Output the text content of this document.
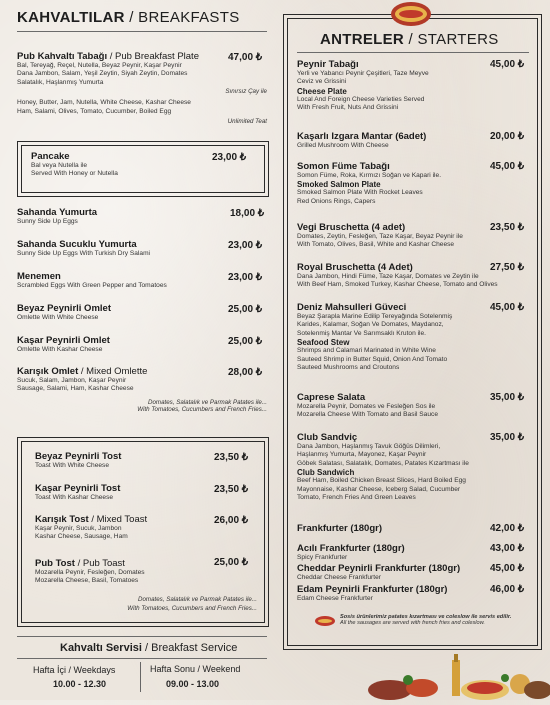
KAHVALTILAR / BREAKFASTS
Pub Kahvaltı Tabağı / Pub Breakfast Plate
Bal, Tereyağ, Reçel, Nutella, Beyaz Peynir, Kaşar Peynir
Dana Jambon, Salam, Yeşil Zeytin, Siyah Zeytin, Domates
Salatalık, Haşlanmış Yumurta
Sınırsız Çay ile
Honey, Butter, Jam, Nutella, White Cheese, Kashar Cheese
Ham, Salami, Olives, Tomato, Cucumber, Boiled Egg
Unlimited Teat
47,00 ₺
Pancake
Bal veya Nutella ile
Served With Honey or Nutella
23,00 ₺
Sahanda Yumurta
Sunny Side Up Eggs
18,00 ₺
Sahanda Sucuklu Yumurta
Sunny Side Up Eggs With Turkish Dry Salami
23,00 ₺
Menemen
Scrambled Eggs With Green Pepper and Tomatoes
23,00 ₺
Beyaz Peynirli Omlet
Omlette With White Cheese
25,00 ₺
Kaşar Peynirli Omlet
Omlette With Kashar Cheese
25,00 ₺
Karışık Omlet / Mixed Omlette
Sucuk, Salam, Jambon, Kaşar Peynir
Sausage, Salami, Ham, Kashar Cheese
Domates, Salatalık ve Parmak Patates ile...
With Tomatoes, Cucumbers and French Fries...
28,00 ₺
Beyaz Peynirli Tost
Toast With White Cheese
23,50 ₺
Kaşar Peynirli Tost
Toast With Kashar Cheese
23,50 ₺
Karışık Tost / Mixed Toast
Kaşar Peynir, Sucuk, Jambon
Kashar Cheese, Sausage, Ham
26,00 ₺
Pub Tost / Pub Toast
Mozarella Peynir, Fesleğen, Domates
Mozarella Cheese, Basil, Tomatoes
25,00 ₺
Domates, Salatalık ve Parmak Patates ile...
With Tomatoes, Cucumbers and French Fries...
Kahvaltı Servisi / Breakfast Service
Hafta İçi / Weekdays
10.00 - 12.30
Hafta Sonu / Weekend
09.00 - 13.00
ANTRELER / STARTERS
Peynir Tabağı
Yerli ve Yabancı Peynir Çeşitleri, Taze Meyve
Ceviz ve Grissini
Cheese Plate
Local And Foreign Cheese Varieties Served
With Fresh Fruit, Nuts And Grissini
45,00 ₺
Kaşarlı Izgara Mantar (6adet)
Grilled Mushroom With Cheese
20,00 ₺
Somon Füme Tabağı
Somon Füme, Roka, Kırmızı Soğan ve Kapari ile.
Smoked Salmon Plate
Smoked Salmon Plate With Rocket Leaves
Red Onions Rings, Capers
45,00 ₺
Vegi Bruschetta (4 adet)
Domates, Zeytin, Fesleğen, Taze Kaşar, Beyaz Peynir ile
With Tomato, Olives, Basil, White and Kashar Cheese
23,50 ₺
Royal Bruschetta (4 Adet)
Dana Jambon, Hindi Füme, Taze Kaşar, Domates ve Zeytin ile
With Beef Ham, Smoked Turkey, Kashar Cheese, Tomato and Olives
27,50 ₺
Deniz Mahsulleri Güveci
Beyaz Şarapla Marine Edilip Tereyağında Sotelenmiş
Karides, Kalamar, Soğan Ve Domates, Maydanoz,
Sotelenmiş Mantar Ve Sarımsaklı Kruton ile.
Seafood Stew
Shrimps and Calamari Marinated in White Wine
Sauteed Shrimp in Butter Squid, Onion And Tomato
Sauteed Mushrooms and Croutons
45,00 ₺
Caprese Salata
Mozarella Peynir, Domates ve Fesleğen Sos ile
Mozarella Cheese With Tomato and Basil Sauce
35,00 ₺
Club Sandviç
Dana Jambon, Haşlanmış Tavuk Göğüs Dilimleri,
Haşlanmış Yumurta, Mayonez, Kaşar Peynir
Göbek Salatası, Salatalık, Domates, Patates Kızartması ile
Club Sandwich
Beef Ham, Boiled Chicken Breast Slices, Hard Boiled Egg
Mayonnaise, Kashar Cheese, Iceberg Salad, Cucumber
Tomato, French Fries And Green Leaves
35,00 ₺
Frankfurter (180gr)	42,00 ₺
Acılı Frankfurter (180gr)
Spicy Frankfurter
43,00 ₺
Cheddar Peynirli Frankfurter (180gr)
Cheddar Cheese Frankfurter
45,00 ₺
Edam Peynirli Frankfurter (180gr)
Edam Cheese Frankfurter
46,00 ₺
Sosis ürünlerimiz patates kızartması ve coleslow ile servis edilir.
All the sausages are served with french fries and coleslow.
